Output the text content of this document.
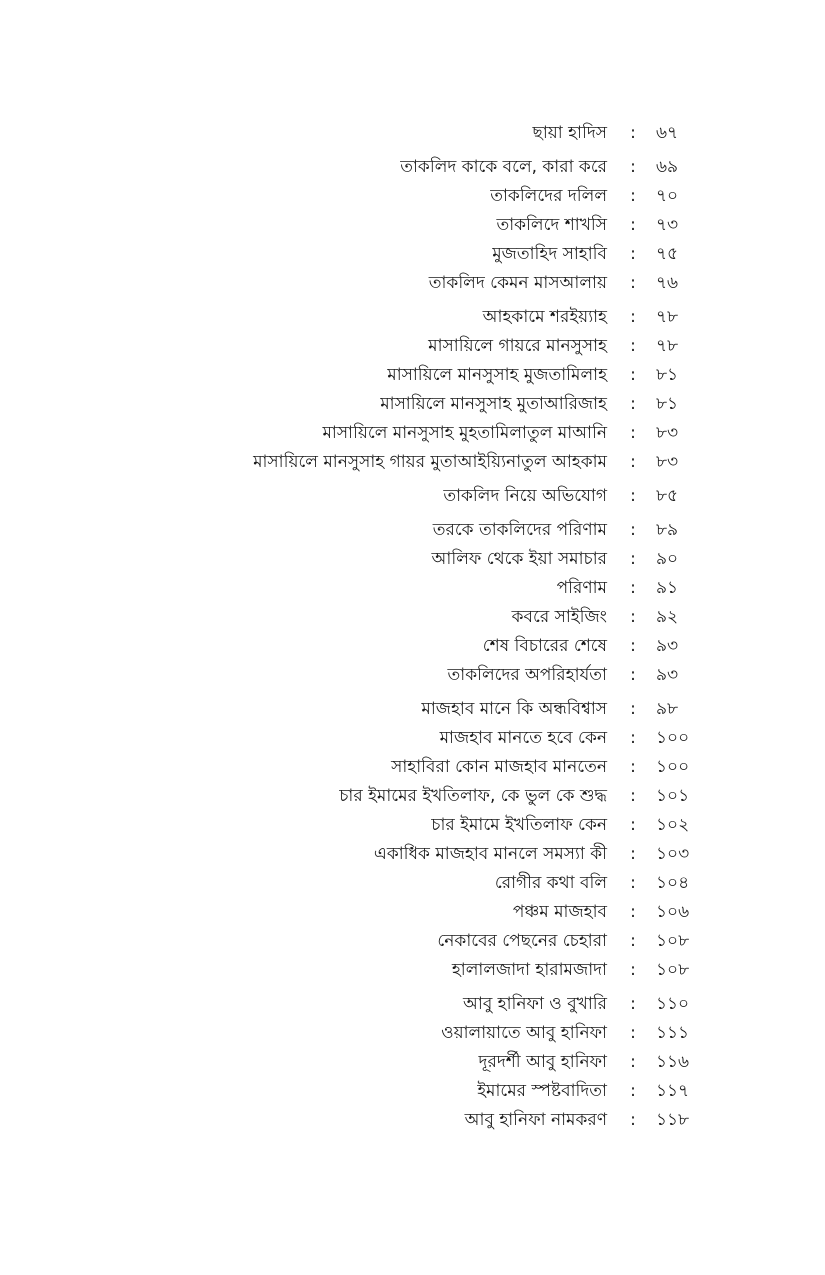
ছায়া হাদিস : ৬৭
তাকলিদ কাকে বলে, কারা করে : ৬৯
তাকলিদের দলিল : ৭০
তাকলিদে শাখসি : ৭৩
মুজতাহিদ সাহাবি : ৭৫
তাকলিদ কেমন মাসআলায় : ৭৬
আহকামে শরইয়্যাহ : ৭৮
মাসায়িলে গায়রে মানসুসাহ : ৭৮
মাসায়িলে মানসুসাহ মুজতামিলাহ : ৮১
মাসায়িলে মানসুসাহ মুতাআরিজাহ : ৮১
মাসায়িলে মানসুসাহ মুহতামিলাতুল মাআনি : ৮৩
মাসায়িলে মানসুসাহ গায়র মুতাআইয়্যিনাতুল আহকাম : ৮৩
তাকলিদ নিয়ে অভিযোগ : ৮৫
তরকে তাকলিদের পরিণাম : ৮৯
আলিফ থেকে ইয়া সমাচার : ৯০
পরিণাম : ৯১
কবরে সাইজিং : ৯২
শেষ বিচারের শেষে : ৯৩
তাকলিদের অপরিহার্যতা : ৯৩
মাজহাব মানে কি অন্ধবিশ্বাস : ৯৮
মাজহাব মানতে হবে কেন : ১০০
সাহাবিরা কোন মাজহাব মানতেন : ১০০
চার ইমামের ইখতিলাফ, কে ভুল কে শুদ্ধ : ১০১
চার ইমামে ইখতিলাফ কেন : ১০২
একাধিক মাজহাব মানলে সমস্যা কী : ১০৩
রোগীর কথা বলি : ১০৪
পঞ্চম মাজহাব : ১০৬
নেকাবের পেছনের চেহারা : ১০৮
হালালজাদা হারামজাদা : ১০৮
আবু হানিফা ও বুখারি : ১১০
ওয়ালায়াতে আবু হানিফা : ১১১
দূরদর্শী আবু হানিফা : ১১৬
ইমামের স্পষ্টবাদিতা : ১১৭
আবু হানিফা নামকরণ : ১১৮
